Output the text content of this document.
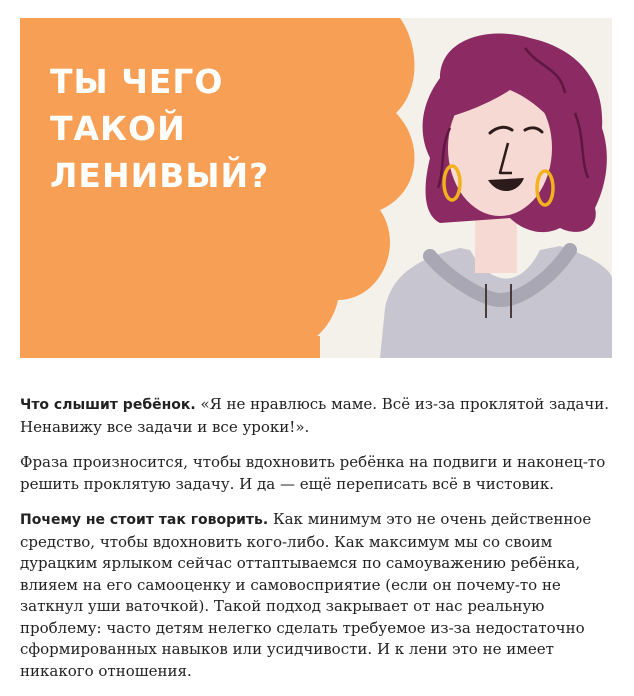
ТЫ ЧЕГО ТАКОЙ ЛЕНИВЫЙ?

Что слышит ребёнок. «Я не нравлюсь маме. Всё из-за проклятой задачи. Ненавижу все задачи и все уроки!».

Фраза произносится, чтобы вдохновить ребёнка на подвиги и наконец-то решить проклятую задачу. И да — ещё переписать всё в чистовик.

Почему не стоит так говорить. Как минимум это не очень действенное средство, чтобы вдохновить кого-либо. Как максимум мы со своим дурацким ярлыком сейчас оттаптываемся по самоуважению ребёнка, влияем на его самооценку и самовосприятие (если он почему-то не заткнул уши ваточкой). Такой подход закрывает от нас реальную проблему: часто детям нелегко сделать требуемое из-за недостаточно сформированных навыков или усидчивости. И к лени это не имеет никакого отношения.
